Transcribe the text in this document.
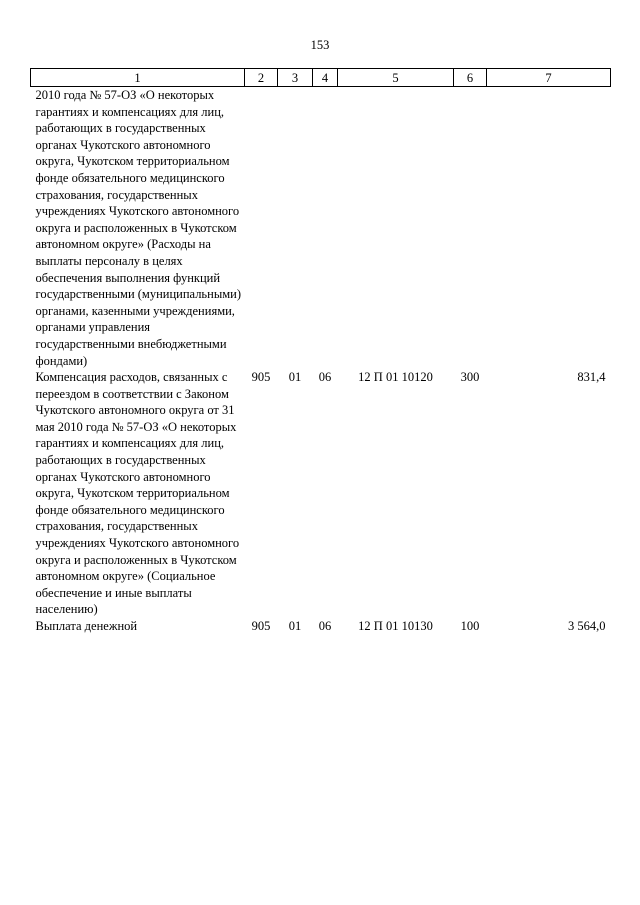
153
1	2	3	4	5	6	7
2010 года № 57-ОЗ «О некоторых гарантиях и компенсациях для лиц, работающих в государственных органах Чукотского автономного округа, Чукотском территориальном фонде обязательного медицинского страхования, государственных учреждениях Чукотского автономного округа и расположенных в Чукотском автономном округе» (Расходы на выплаты персоналу в целях обеспечения выполнения функций государственными (муниципальными) органами, казенными учреждениями, органами управления государственными внебюджетными фондами)						
Компенсация расходов, связанных с переездом в соответствии с Законом Чукотского автономного округа от 31 мая 2010 года № 57-ОЗ «О некоторых гарантиях и компенсациях для лиц, работающих в государственных органах Чукотского автономного округа, Чукотском территориальном фонде обязательного медицинского страхования, государственных учреждениях Чукотского автономного округа и расположенных в Чукотском автономном округе» (Социальное обеспечение и иные выплаты населению)	905	01	06	12 П 01 10120	300	831,4
Выплата денежной	905	01	06	12 П 01 10130	100	3 564,0
